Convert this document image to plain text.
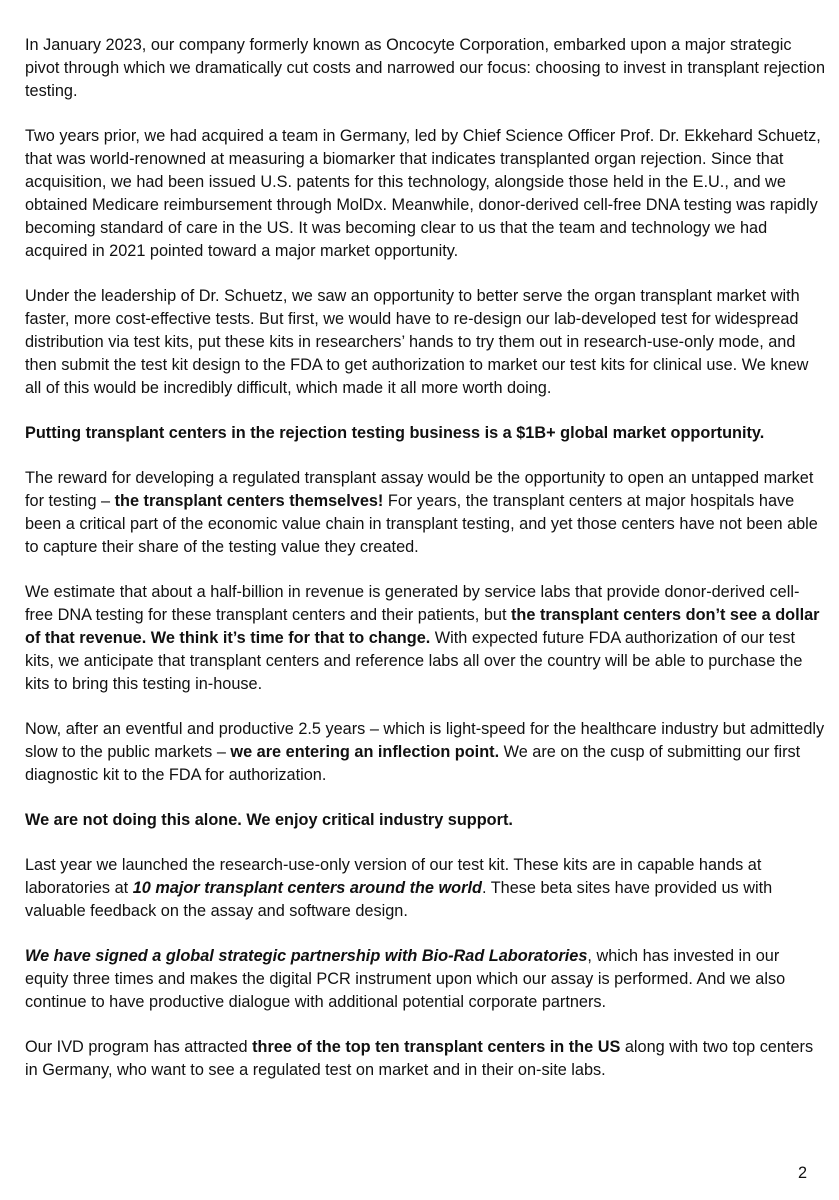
In January 2023, our company formerly known as Oncocyte Corporation, embarked upon a major strategic pivot through which we dramatically cut costs and narrowed our focus: choosing to invest in transplant rejection testing.

Two years prior, we had acquired a team in Germany, led by Chief Science Officer Prof. Dr. Ekkehard Schuetz, that was world-renowned at measuring a biomarker that indicates transplanted organ rejection. Since that acquisition, we had been issued U.S. patents for this technology, alongside those held in the E.U., and we obtained Medicare reimbursement through MolDx. Meanwhile, donor-derived cell-free DNA testing was rapidly becoming standard of care in the US. It was becoming clear to us that the team and technology we had acquired in 2021 pointed toward a major market opportunity.

Under the leadership of Dr. Schuetz, we saw an opportunity to better serve the organ transplant market with faster, more cost-effective tests. But first, we would have to re-design our lab-developed test for widespread distribution via test kits, put these kits in researchers’ hands to try them out in research-use-only mode, and then submit the test kit design to the FDA to get authorization to market our test kits for clinical use. We knew all of this would be incredibly difficult, which made it all more worth doing.

Putting transplant centers in the rejection testing business is a $1B+ global market opportunity.

The reward for developing a regulated transplant assay would be the opportunity to open an untapped market for testing – the transplant centers themselves! For years, the transplant centers at major hospitals have been a critical part of the economic value chain in transplant testing, and yet those centers have not been able to capture their share of the testing value they created.

We estimate that about a half-billion in revenue is generated by service labs that provide donor-derived cell-free DNA testing for these transplant centers and their patients, but the transplant centers don’t see a dollar of that revenue. We think it’s time for that to change. With expected future FDA authorization of our test kits, we anticipate that transplant centers and reference labs all over the country will be able to purchase the kits to bring this testing in-house.

Now, after an eventful and productive 2.5 years – which is light-speed for the healthcare industry but admittedly slow to the public markets – we are entering an inflection point. We are on the cusp of submitting our first diagnostic kit to the FDA for authorization.

We are not doing this alone. We enjoy critical industry support.

Last year we launched the research-use-only version of our test kit. These kits are in capable hands at laboratories at 10 major transplant centers around the world. These beta sites have provided us with valuable feedback on the assay and software design.

We have signed a global strategic partnership with Bio-Rad Laboratories, which has invested in our equity three times and makes the digital PCR instrument upon which our assay is performed. And we also continue to have productive dialogue with additional potential corporate partners.

Our IVD program has attracted three of the top ten transplant centers in the US along with two top centers in Germany, who want to see a regulated test on market and in their on-site labs.

2
